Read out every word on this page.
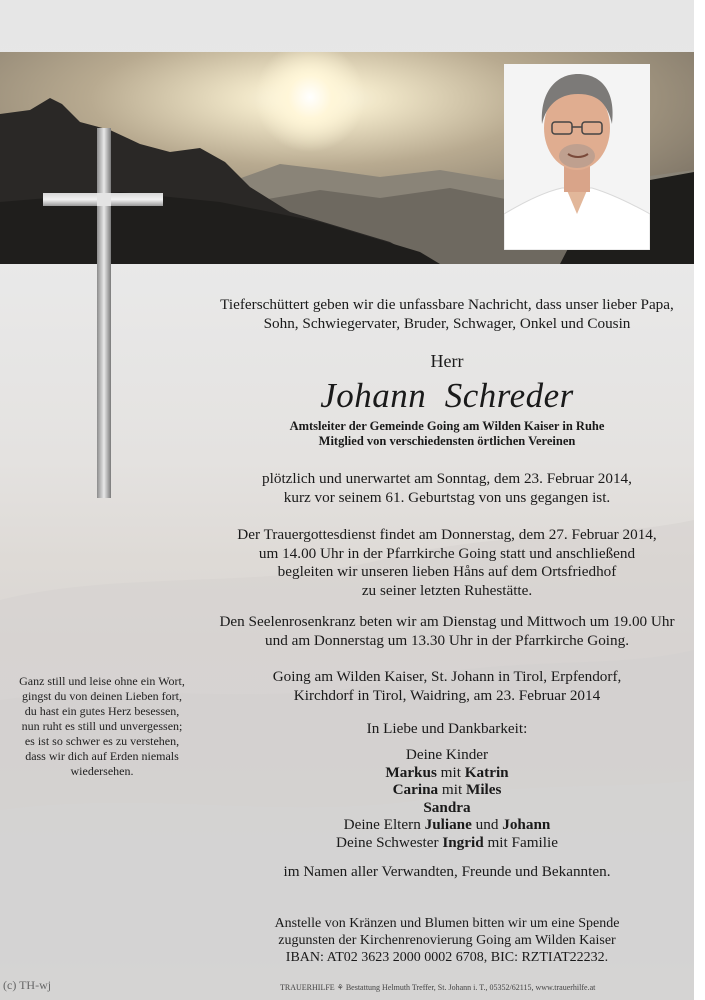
Tieferschüttert geben wir die unfassbare Nachricht, dass unser lieber Papa,
Sohn, Schwiegervater, Bruder, Schwager, Onkel und Cousin
Herr
Johann  Schreder
Amtsleiter der Gemeinde Going am Wilden Kaiser in Ruhe
Mitglied von verschiedensten örtlichen Vereinen
plötzlich und unerwartet am Sonntag, dem 23. Februar 2014,
kurz vor seinem 61. Geburtstag von uns gegangen ist.
Der Trauergottesdienst findet am Donnerstag, dem 27. Februar 2014,
um 14.00 Uhr in der Pfarrkirche Going statt und anschließend
begleiten wir unseren lieben Håns auf dem Ortsfriedhof
zu seiner letzten Ruhestätte.
Den Seelenrosenkranz beten wir am Dienstag und Mittwoch um 19.00 Uhr
und am Donnerstag um 13.30 Uhr in der Pfarrkirche Going.
Going am Wilden Kaiser, St. Johann in Tirol, Erpfendorf,
Kirchdorf in Tirol, Waidring, am 23. Februar 2014
In Liebe und Dankbarkeit:
Deine Kinder
Markus mit Katrin
Carina mit Miles
Sandra
Deine Eltern Juliane und Johann
Deine Schwester Ingrid mit Familie
im Namen aller Verwandten, Freunde und Bekannten.
Anstelle von Kränzen und Blumen bitten wir um eine Spende
zugunsten der Kirchenrenovierung Going am Wilden Kaiser
IBAN: AT02 3623 2000 0002 6708, BIC: RZTIAT22232.
Ganz still und leise ohne ein Wort,
gingst du von deinen Lieben fort,
du hast ein gutes Herz besessen,
nun ruht es still und unvergessen;
es ist so schwer es zu verstehen,
dass wir dich auf Erden niemals
wiedersehen.
(c) TH-wj	TRAUERHILFE ⚘ Bestattung Helmuth Treffer, St. Johann i. T., 05352/62115, www.trauerhilfe.at
